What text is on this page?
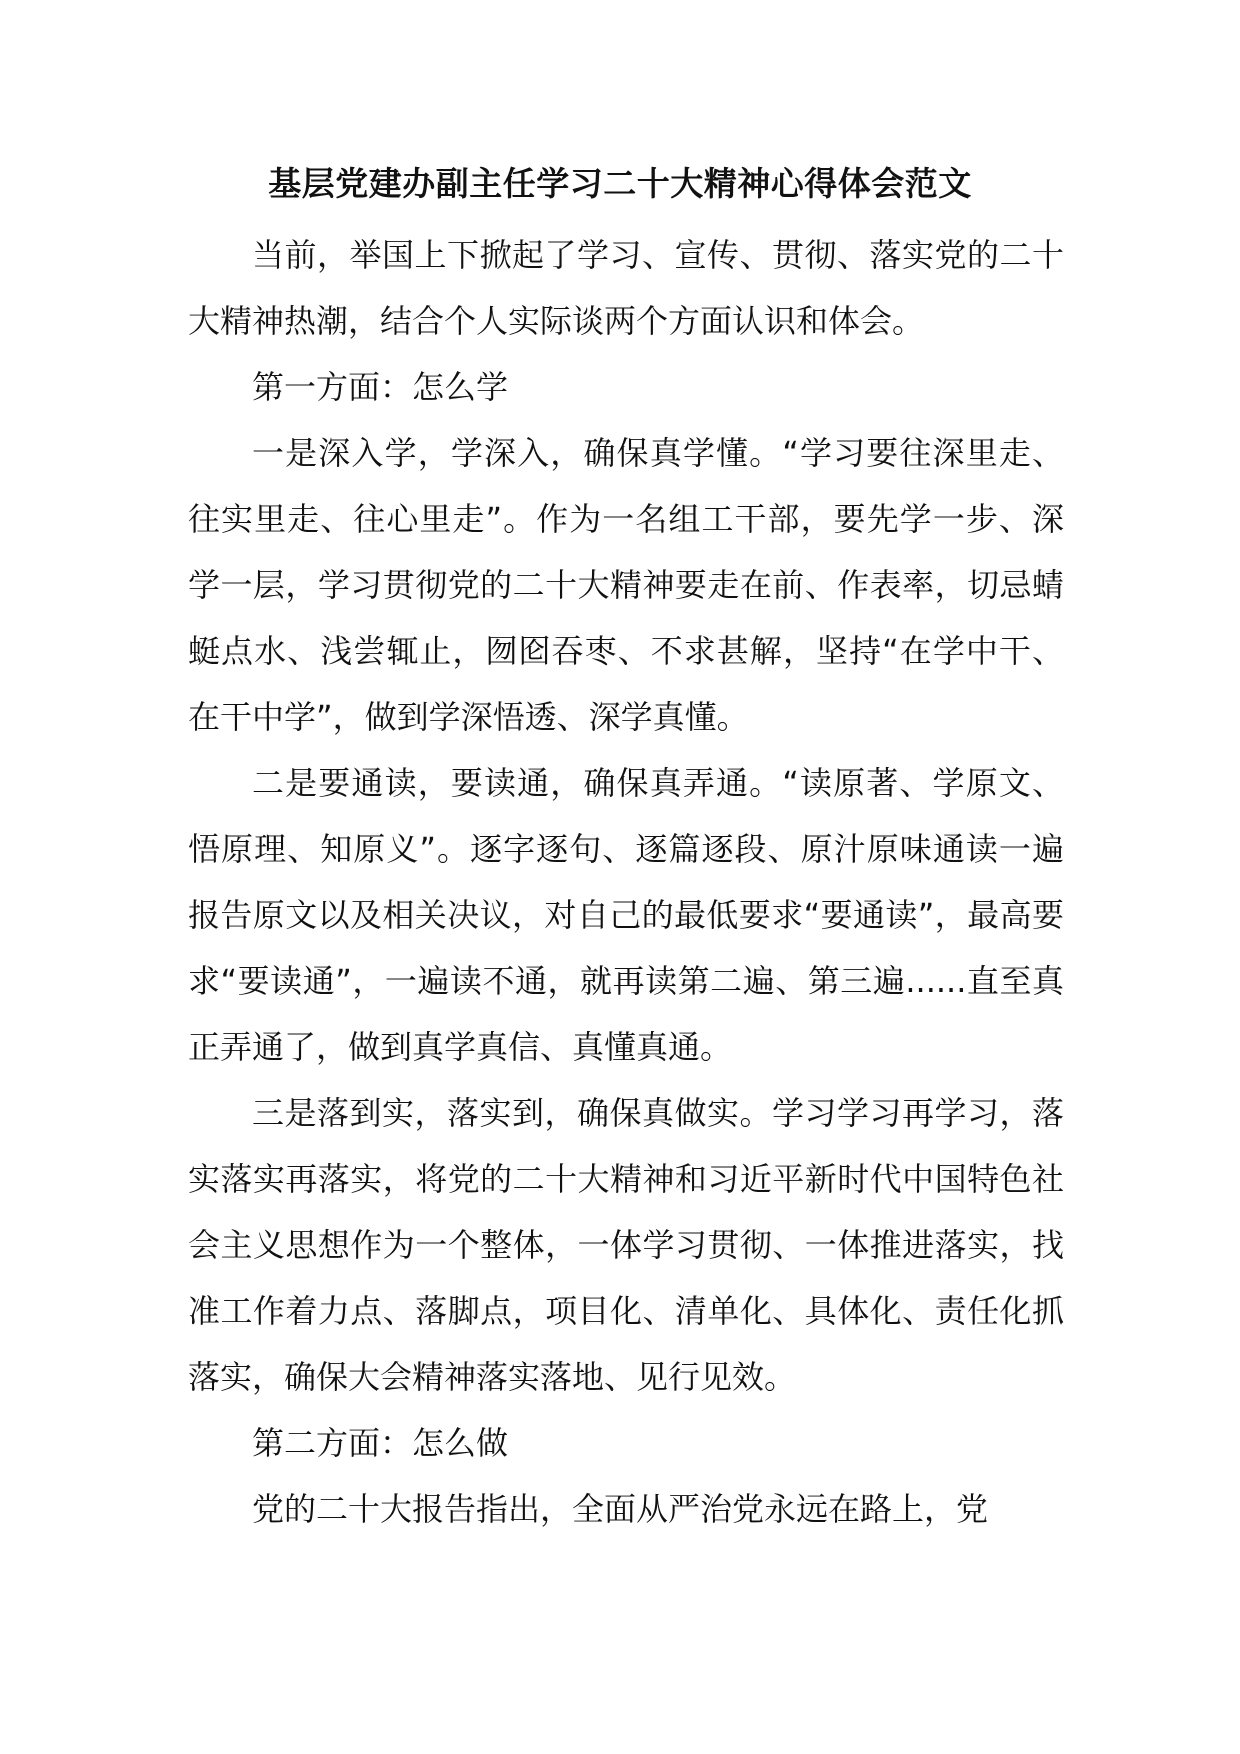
基层党建办副主任学习二十大精神心得体会范文

当前，举国上下掀起了学习、宣传、贯彻、落实党的二十大精神热潮，结合个人实际谈两个方面认识和体会。

第一方面：怎么学

一是深入学，学深入，确保真学懂。“学习要往深里走、往实里走、往心里走”。作为一名组工干部，要先学一步、深学一层，学习贯彻党的二十大精神要走在前、作表率，切忌蜻蜓点水、浅尝辄止，囫囵吞枣、不求甚解，坚持“在学中干、在干中学”，做到学深悟透、深学真懂。

二是要通读，要读通，确保真弄通。“读原著、学原文、悟原理、知原义”。逐字逐句、逐篇逐段、原汁原味通读一遍报告原文以及相关决议，对自己的最低要求“要通读”，最高要求“要读通”，一遍读不通，就再读第二遍、第三遍......直至真正弄通了，做到真学真信、真懂真通。

三是落到实，落实到，确保真做实。学习学习再学习，落实落实再落实，将党的二十大精神和习近平新时代中国特色社会主义思想作为一个整体，一体学习贯彻、一体推进落实，找准工作着力点、落脚点，项目化、清单化、具体化、责任化抓落实，确保大会精神落实落地、见行见效。

第二方面：怎么做

党的二十大报告指出，全面从严治党永远在路上，党
